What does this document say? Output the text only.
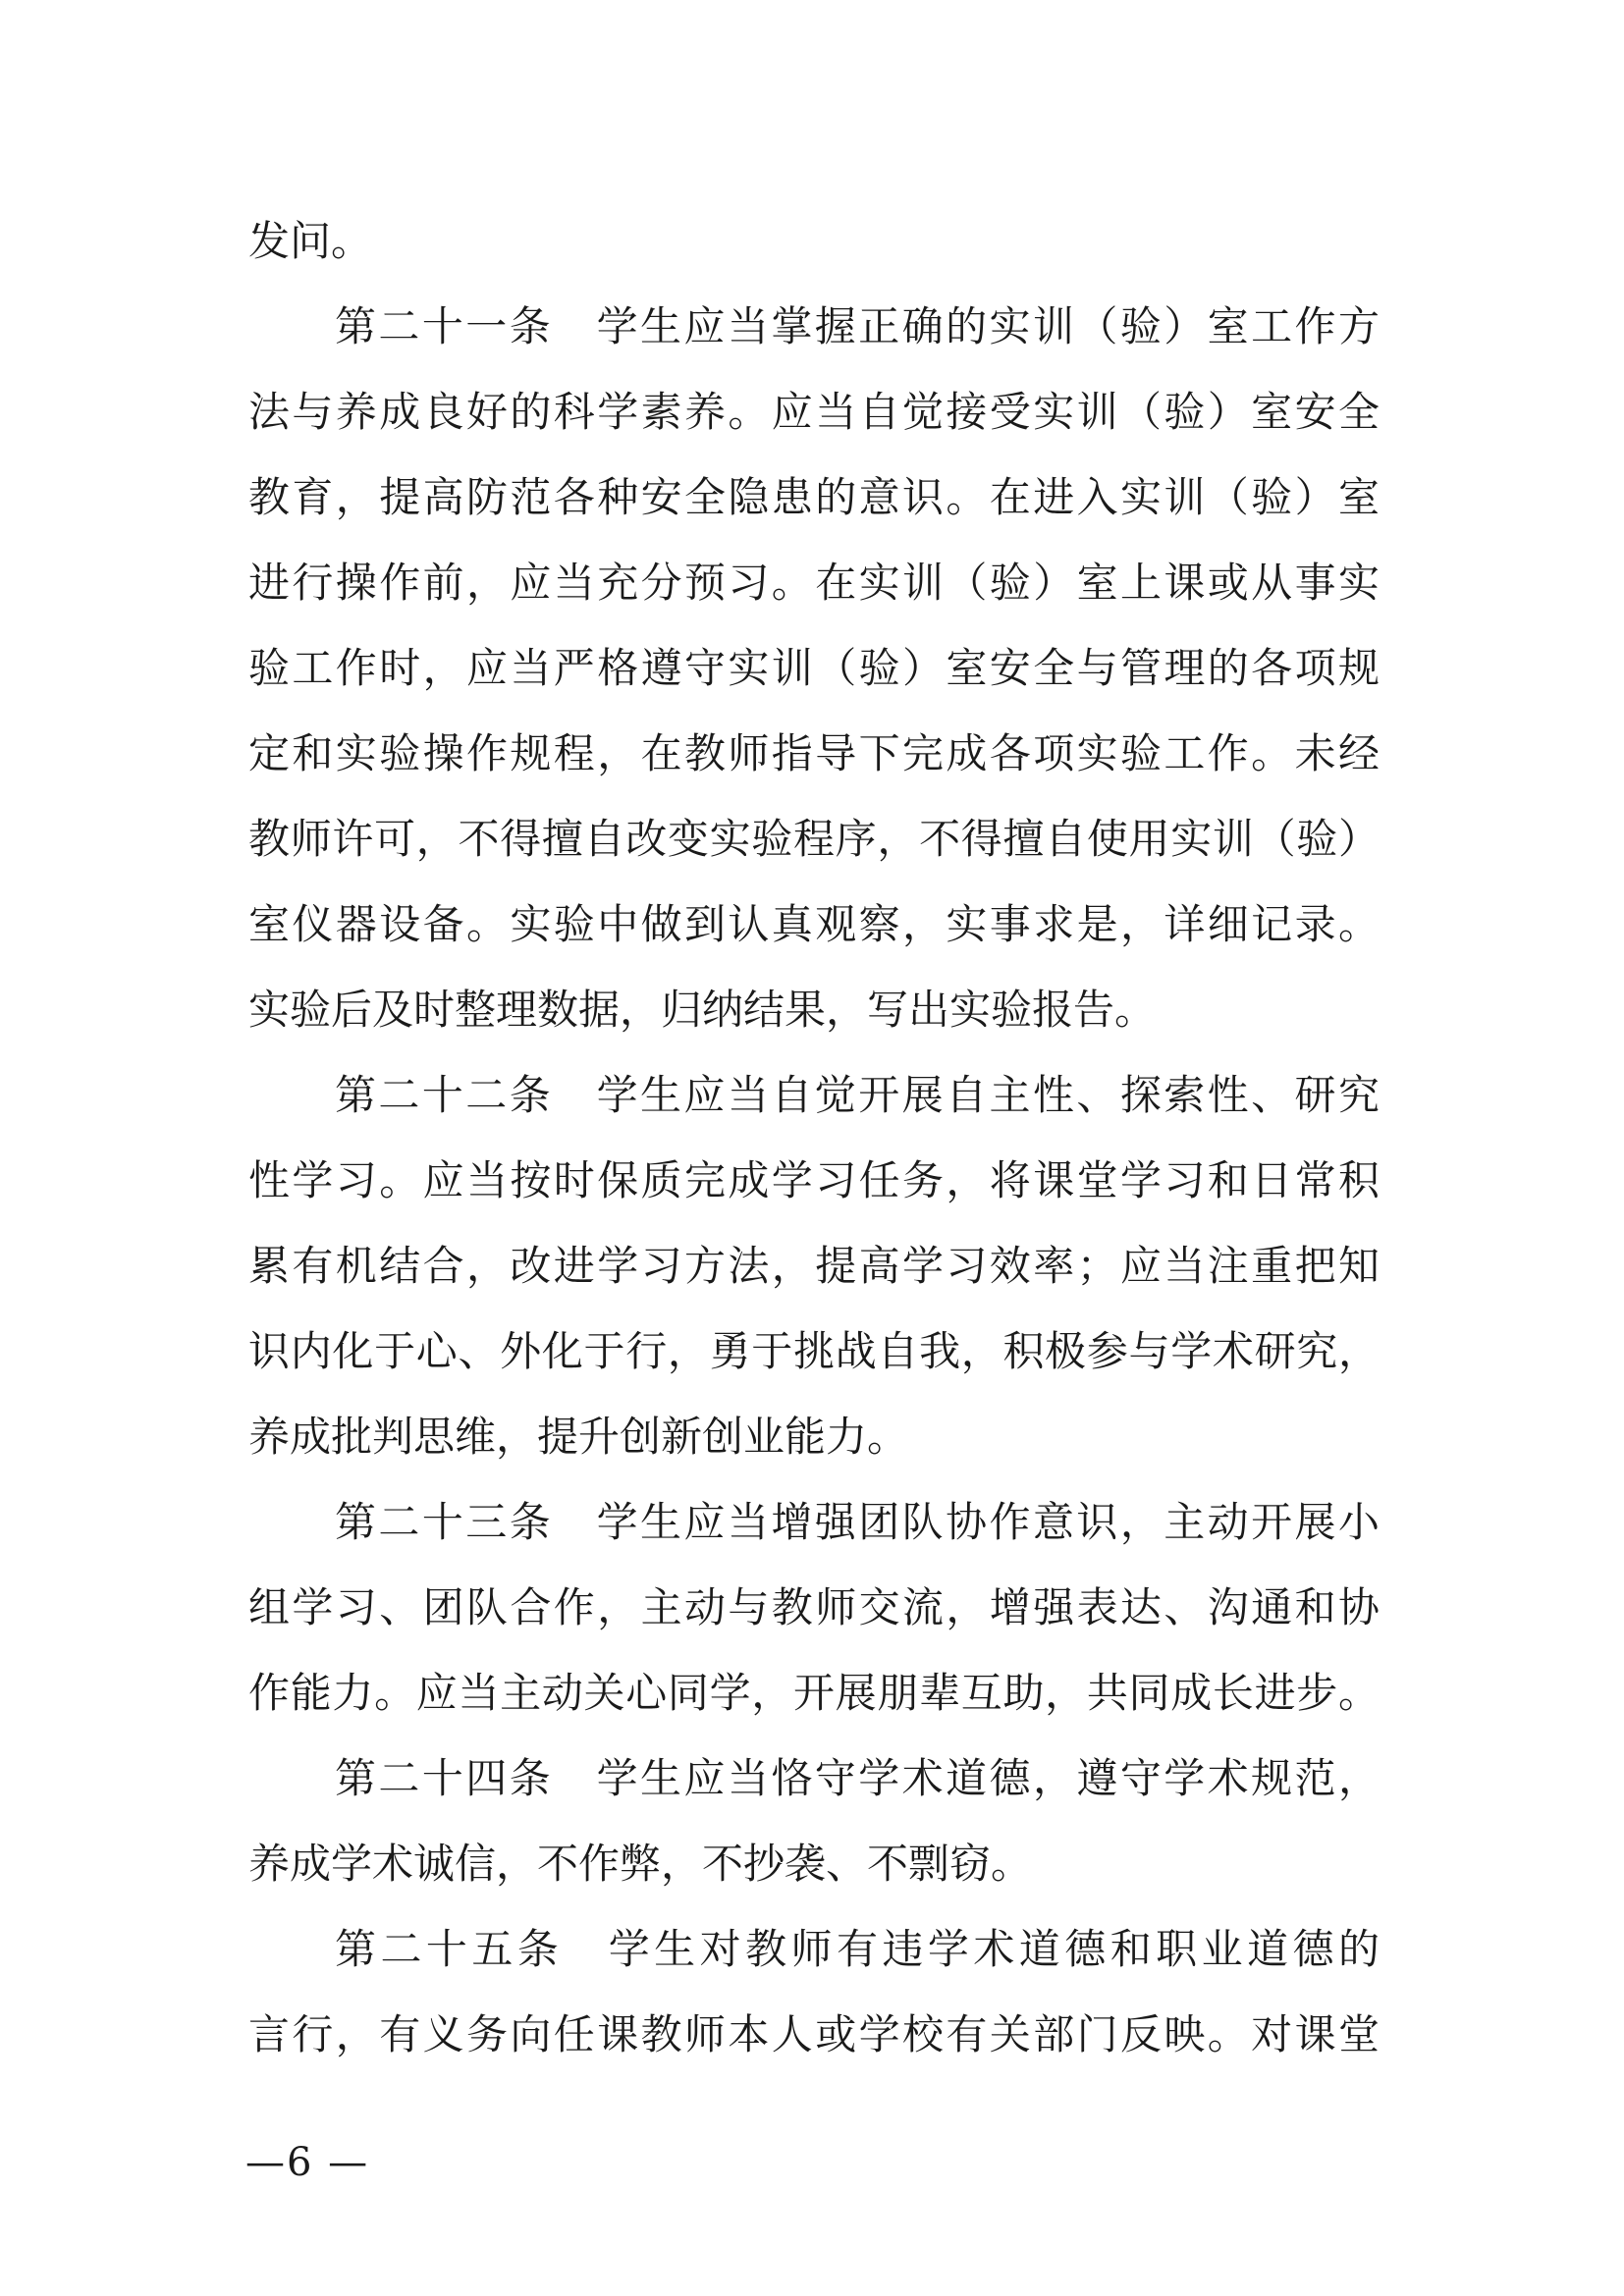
发问。
第二十一条　学生应当掌握正确的实训（验）室工作方
法与养成良好的科学素养。应当自觉接受实训（验）室安全
教育，提高防范各种安全隐患的意识。在进入实训（验）室
进行操作前，应当充分预习。在实训（验）室上课或从事实
验工作时，应当严格遵守实训（验）室安全与管理的各项规
定和实验操作规程，在教师指导下完成各项实验工作。未经
教师许可，不得擅自改变实验程序，不得擅自使用实训（验）
室仪器设备。实验中做到认真观察，实事求是，详细记录。
实验后及时整理数据，归纳结果，写出实验报告。
第二十二条　学生应当自觉开展自主性、探索性、研究
性学习。应当按时保质完成学习任务，将课堂学习和日常积
累有机结合，改进学习方法，提高学习效率；应当注重把知
识内化于心、外化于行，勇于挑战自我，积极参与学术研究，
养成批判思维，提升创新创业能力。
第二十三条　学生应当增强团队协作意识，主动开展小
组学习、团队合作，主动与教师交流，增强表达、沟通和协
作能力。应当主动关心同学，开展朋辈互助，共同成长进步。
第二十四条　学生应当恪守学术道德，遵守学术规范，
养成学术诚信，不作弊，不抄袭、不剽窃。
第二十五条　学生对教师有违学术道德和职业道德的
言行，有义务向任课教师本人或学校有关部门反映。对课堂
—6 —
